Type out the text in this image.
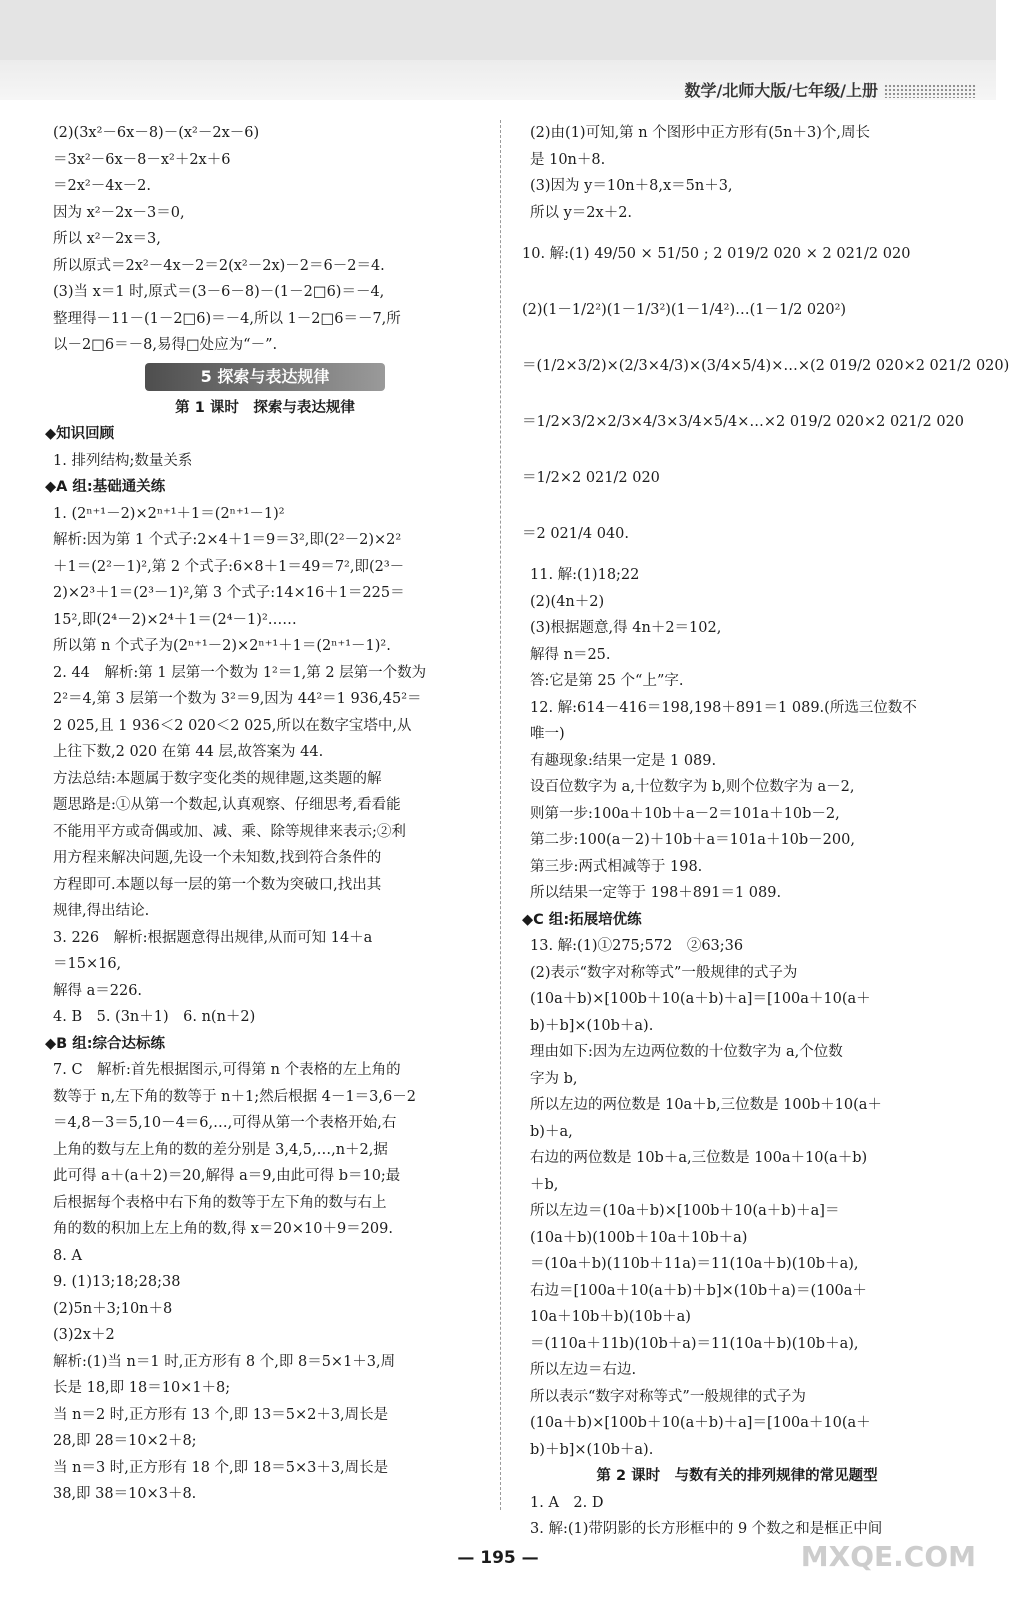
数学/北师大版/七年级/上册
(2)(3x²－6x－8)－(x²－2x－6)
＝3x²－6x－8－x²＋2x＋6
＝2x²－4x－2.
因为 x²－2x－3＝0,
所以 x²－2x＝3,
所以原式＝2x²－4x－2＝2(x²－2x)－2＝6－2＝4.
(3)当 x＝1 时,原式＝(3－6－8)－(1－2□6)＝－4,
整理得－11－(1－2□6)＝－4,所以 1－2□6＝－7,所
以－2□6＝－8,易得□处应为“－”.
5 探索与表达规律
第 1 课时　探索与表达规律
◆知识回顾
1. 排列结构;数量关系
◆A 组:基础通关练
1. (2ⁿ⁺¹－2)×2ⁿ⁺¹＋1＝(2ⁿ⁺¹－1)²
解析:因为第 1 个式子:2×4＋1＝9＝3²,即(2²－2)×2²
＋1＝(2²－1)²,第 2 个式子:6×8＋1＝49＝7²,即(2³－
2)×2³＋1＝(2³－1)²,第 3 个式子:14×16＋1＝225＝
15²,即(2⁴－2)×2⁴＋1＝(2⁴－1)²……
所以第 n 个式子为(2ⁿ⁺¹－2)×2ⁿ⁺¹＋1＝(2ⁿ⁺¹－1)².
2. 44　解析:第 1 层第一个数为 1²＝1,第 2 层第一个数为
2²＝4,第 3 层第一个数为 3²＝9,因为 44²＝1 936,45²＝
2 025,且 1 936＜2 020＜2 025,所以在数字宝塔中,从
上往下数,2 020 在第 44 层,故答案为 44.
方法总结:本题属于数字变化类的规律题,这类题的解
题思路是:①从第一个数起,认真观察、仔细思考,看看能
不能用平方或奇偶或加、减、乘、除等规律来表示;②利
用方程来解决问题,先设一个未知数,找到符合条件的
方程即可.本题以每一层的第一个数为突破口,找出其
规律,得出结论.
3. 226　解析:根据题意得出规律,从而可知 14＋a
＝15×16,
解得 a＝226.
4. B　5. (3n＋1)　6. n(n＋2)
◆B 组:综合达标练
7. C　解析:首先根据图示,可得第 n 个表格的左上角的
数等于 n,左下角的数等于 n＋1;然后根据 4－1＝3,6－2
＝4,8－3＝5,10－4＝6,…,可得从第一个表格开始,右
上角的数与左上角的数的差分别是 3,4,5,…,n＋2,据
此可得 a＋(a＋2)＝20,解得 a＝9,由此可得 b＝10;最
后根据每个表格中右下角的数等于左下角的数与右上
角的数的积加上左上角的数,得 x＝20×10＋9＝209.
8. A
9. (1)13;18;28;38
(2)5n＋3;10n＋8
(3)2x＋2
解析:(1)当 n＝1 时,正方形有 8 个,即 8＝5×1＋3,周
长是 18,即 18＝10×1＋8;
当 n＝2 时,正方形有 13 个,即 13＝5×2＋3,周长是
28,即 28＝10×2＋8;
当 n＝3 时,正方形有 18 个,即 18＝5×3＋3,周长是
38,即 38＝10×3＋8.
(2)由(1)可知,第 n 个图形中正方形有(5n＋3)个,周长
是 10n＋8.
(3)因为 y＝10n＋8,x＝5n＋3,
所以 y＝2x＋2.
10. 解:(1) 49/50 × 51/50 ; 2 019/2 020 × 2 021/2 020
(2)(1－1/2²)(1－1/3²)(1－1/4²)…(1－1/2 020²)
＝(1/2×3/2)×(2/3×4/3)×(3/4×5/4)×…×(2 019/2 020×2 021/2 020)
＝1/2×3/2×2/3×4/3×3/4×5/4×…×2 019/2 020×2 021/2 020
＝1/2×2 021/2 020
＝2 021/4 040.
11. 解:(1)18;22
(2)(4n＋2)
(3)根据题意,得 4n＋2＝102,
解得 n＝25.
答:它是第 25 个“上”字.
12. 解:614－416＝198,198＋891＝1 089.(所选三位数不
唯一)
有趣现象:结果一定是 1 089.
设百位数字为 a,十位数字为 b,则个位数字为 a－2,
则第一步:100a＋10b＋a－2＝101a＋10b－2,
第二步:100(a－2)＋10b＋a＝101a＋10b－200,
第三步:两式相减等于 198.
所以结果一定等于 198＋891＝1 089.
◆C 组:拓展培优练
13. 解:(1)①275;572　②63;36
(2)表示“数字对称等式”一般规律的式子为
(10a＋b)×[100b＋10(a＋b)＋a]＝[100a＋10(a＋
b)＋b]×(10b＋a).
理由如下:因为左边两位数的十位数字为 a,个位数
字为 b,
所以左边的两位数是 10a＋b,三位数是 100b＋10(a＋
b)＋a,
右边的两位数是 10b＋a,三位数是 100a＋10(a＋b)
＋b,
所以左边＝(10a＋b)×[100b＋10(a＋b)＋a]＝
(10a＋b)(100b＋10a＋10b＋a)
＝(10a＋b)(110b＋11a)＝11(10a＋b)(10b＋a),
右边＝[100a＋10(a＋b)＋b]×(10b＋a)＝(100a＋
10a＋10b＋b)(10b＋a)
＝(110a＋11b)(10b＋a)＝11(10a＋b)(10b＋a),
所以左边＝右边.
所以表示“数字对称等式”一般规律的式子为
(10a＋b)×[100b＋10(a＋b)＋a]＝[100a＋10(a＋
b)＋b]×(10b＋a).
第 2 课时　与数有关的排列规律的常见题型
1. A　2. D
3. 解:(1)带阴影的长方形框中的 9 个数之和是框正中间
— 195 —	MXQE.COM
